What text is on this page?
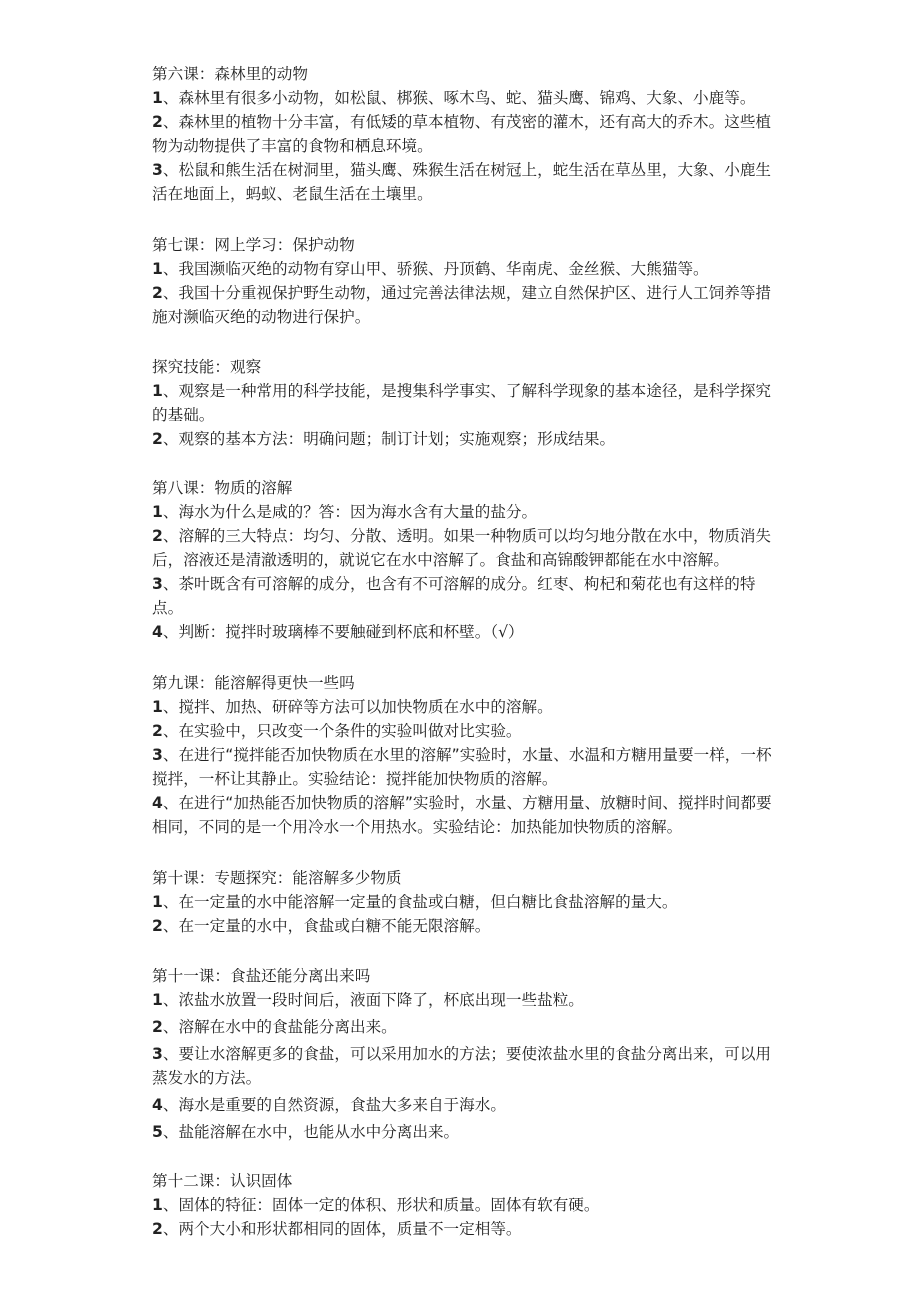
第六课：森林里的动物

1、森林里有很多小动物，如松鼠、梆猴、啄木鸟、蛇、猫头鹰、锦鸡、大象、小鹿等。

2、森林里的植物十分丰富，有低矮的草本植物、有茂密的灌木，还有高大的乔木。这些植物为动物提供了丰富的食物和栖息环境。

3、松鼠和熊生活在树洞里，猫头鹰、殊猴生活在树冠上，蛇生活在草丛里，大象、小鹿生活在地面上，蚂蚁、老鼠生活在土壤里。

第七课：网上学习：保护动物

1、我国濒临灭绝的动物有穿山甲、骄猴、丹顶鹤、华南虎、金丝猴、大熊猫等。

2、我国十分重视保护野生动物，通过完善法律法规，建立自然保护区、进行人工饲养等措施对濒临灭绝的动物进行保护。

探究技能：观察

1、观察是一种常用的科学技能，是搜集科学事实、了解科学现象的基本途径，是科学探究的基础。

2、观察的基本方法：明确问题；制订计划；实施观察；形成结果。

第八课：物质的溶解

1、海水为什么是咸的？答：因为海水含有大量的盐分。

2、溶解的三大特点：均匀、分散、透明。如果一种物质可以均匀地分散在水中，物质消失后，溶液还是清澈透明的，就说它在水中溶解了。食盐和高锦酸钾都能在水中溶解。

3、茶叶既含有可溶解的成分，也含有不可溶解的成分。红枣、枸杞和菊花也有这样的特点。

4、判断：搅拌时玻璃棒不要触碰到杯底和杯壁。（√）

第九课：能溶解得更快一些吗

1、搅拌、加热、研碎等方法可以加快物质在水中的溶解。

2、在实验中，只改变一个条件的实验叫做对比实验。

3、在进行“搅拌能否加快物质在水里的溶解”实验时，水量、水温和方糖用量要一样，一杯搅拌，一杯让其静止。实验结论：搅拌能加快物质的溶解。

4、在进行“加热能否加快物质的溶解”实验时，水量、方糖用量、放糖时间、搅拌时间都要相同，不同的是一个用冷水一个用热水。实验结论：加热能加快物质的溶解。

第十课：专题探究：能溶解多少物质

1、在一定量的水中能溶解一定量的食盐或白糖，但白糖比食盐溶解的量大。

2、在一定量的水中，食盐或白糖不能无限溶解。

第十一课：食盐还能分离出来吗

1、浓盐水放置一段时间后，液面下降了，杯底出现一些盐粒。

2、溶解在水中的食盐能分离出来。

3、要让水溶解更多的食盐，可以采用加水的方法；要使浓盐水里的食盐分离出来，可以用蒸发水的方法。

4、海水是重要的自然资源，食盐大多来自于海水。

5、盐能溶解在水中，也能从水中分离出来。

第十二课：认识固体

1、固体的特征：固体一定的体积、形状和质量。固体有软有硬。

2、两个大小和形状都相同的固体，质量不一定相等。
